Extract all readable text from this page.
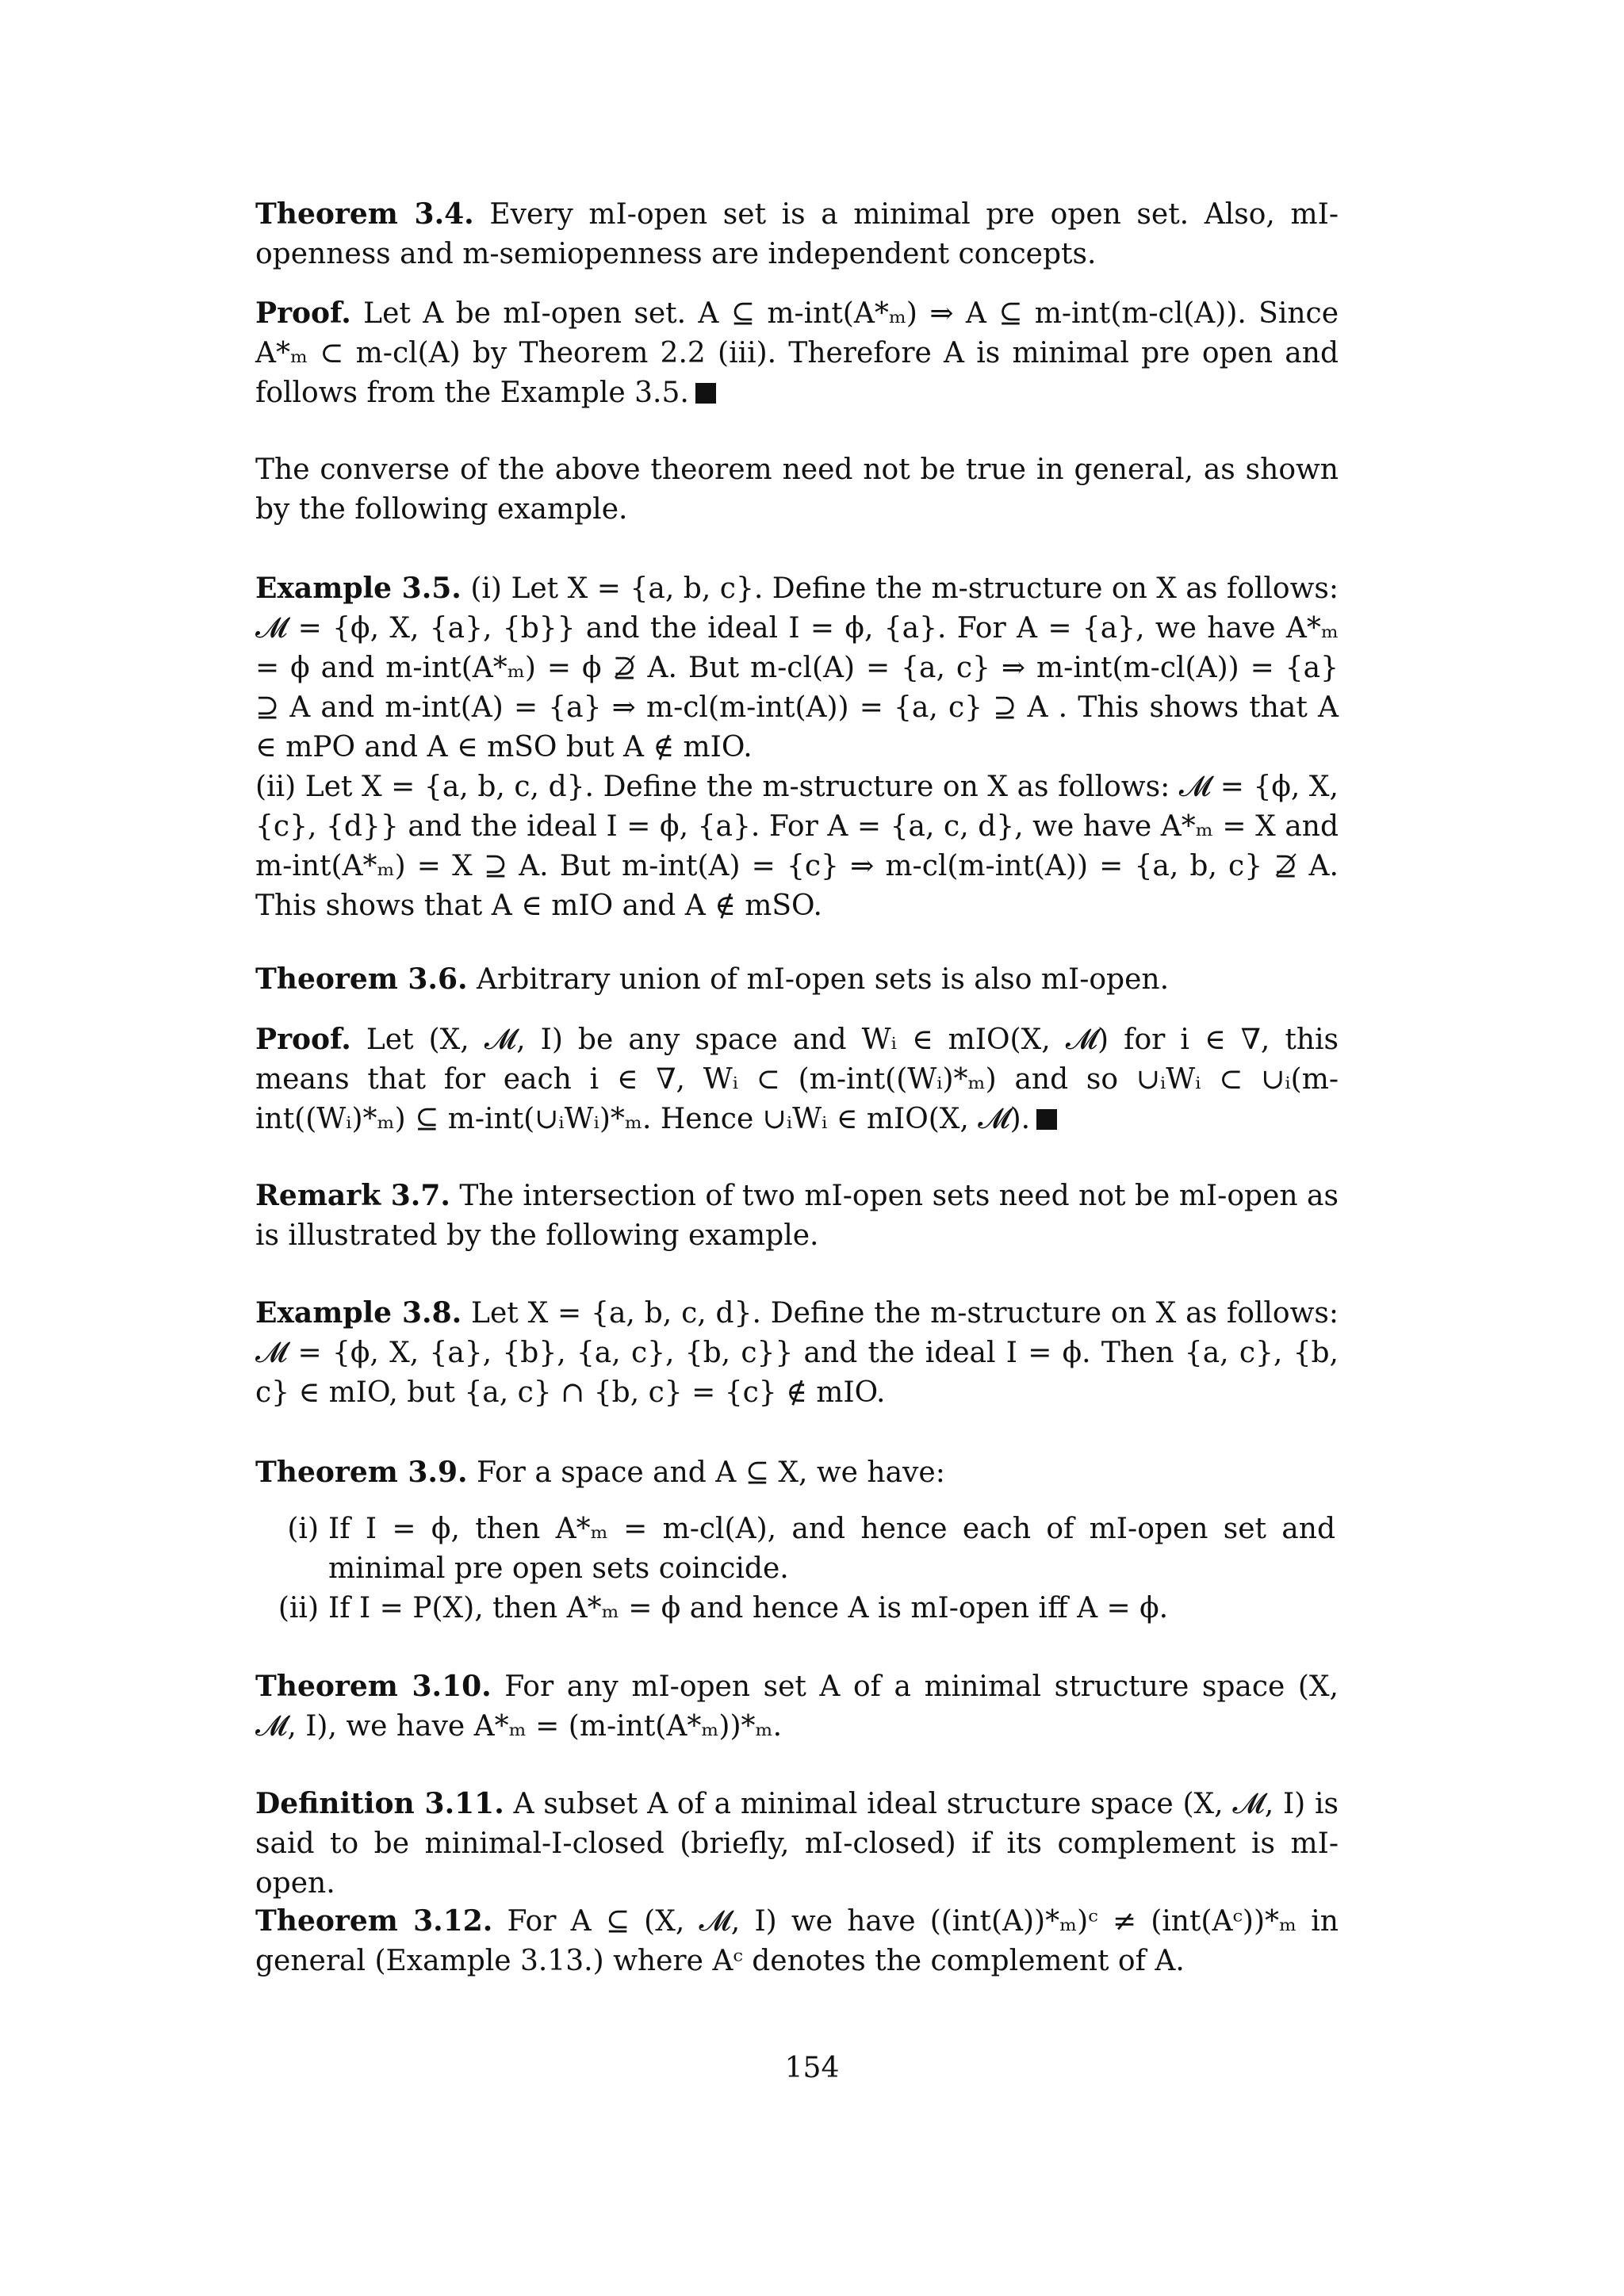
Theorem 3.4. Every mI-open set is a minimal pre open set. Also, mI-openness and m-semiopenness are independent concepts.

Proof. Let A be mI-open set. A ⊆ m-int(A*ₘ) ⇒ A ⊆ m-int(m-cl(A)). Since A*ₘ ⊂ m-cl(A) by Theorem 2.2 (iii). Therefore A is minimal pre open and follows from the Example 3.5.

The converse of the above theorem need not be true in general, as shown by the following example.

Example 3.5. (i) Let X = {a, b, c}. Define the m-structure on X as follows: 𝓜 = {ϕ, X, {a}, {b}} and the ideal I = ϕ, {a}. For A = {a}, we have A*ₘ = ϕ and m-int(A*ₘ) = ϕ ⊉ A. But m-cl(A) = {a, c} ⇒ m-int(m-cl(A)) = {a} ⊇ A and m-int(A) = {a} ⇒ m-cl(m-int(A)) = {a, c} ⊇ A . This shows that A ∈ mPO and A ∈ mSO but A ∉ mIO.
(ii) Let X = {a, b, c, d}. Define the m-structure on X as follows: 𝓜 = {ϕ, X, {c}, {d}} and the ideal I = ϕ, {a}. For A = {a, c, d}, we have A*ₘ = X and m-int(A*ₘ) = X ⊇ A. But m-int(A) = {c} ⇒ m-cl(m-int(A)) = {a, b, c} ⊉ A. This shows that A ∈ mIO and A ∉ mSO.

Theorem 3.6. Arbitrary union of mI-open sets is also mI-open.

Proof. Let (X, 𝓜, I) be any space and Wᵢ ∈ mIO(X, 𝓜) for i ∈ ∇, this means that for each i ∈ ∇, Wᵢ ⊂ (m-int((Wᵢ)*ₘ) and so ∪ᵢWᵢ ⊂ ∪ᵢ(m-int((Wᵢ)*ₘ) ⊆ m-int(∪ᵢWᵢ)*ₘ. Hence ∪ᵢWᵢ ∈ mIO(X, 𝓜).

Remark 3.7. The intersection of two mI-open sets need not be mI-open as is illustrated by the following example.

Example 3.8. Let X = {a, b, c, d}. Define the m-structure on X as follows: 𝓜 = {ϕ, X, {a}, {b}, {a, c}, {b, c}} and the ideal I = ϕ. Then {a, c}, {b, c} ∈ mIO, but {a, c} ∩ {b, c} = {c} ∉ mIO.

Theorem 3.9. For a space and A ⊆ X, we have:

(i) If I = ϕ, then A*ₘ = m-cl(A), and hence each of mI-open set and minimal pre open sets coincide.

(ii) If I = P(X), then A*ₘ = ϕ and hence A is mI-open iff A = ϕ.

Theorem 3.10. For any mI-open set A of a minimal structure space (X, 𝓜, I), we have A*ₘ = (m-int(A*ₘ))*ₘ.

Definition 3.11. A subset A of a minimal ideal structure space (X, 𝓜, I) is said to be minimal-I-closed (briefly, mI-closed) if its complement is mI-open.

Theorem 3.12. For A ⊆ (X, 𝓜, I) we have ((int(A))*ₘ)ᶜ ≠ (int(Aᶜ))*ₘ in general (Example 3.13.) where Aᶜ denotes the complement of A.

154
